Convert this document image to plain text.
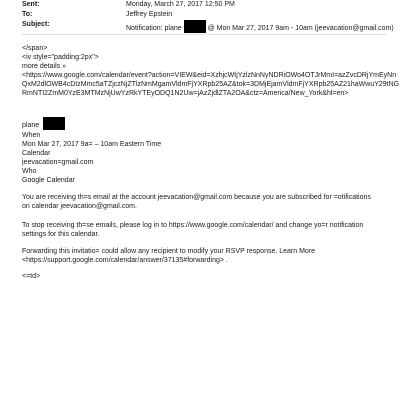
Sent:	Monday, March 27, 2017 12:50 PM
To:	Jeffrey Epstein
Subject:
Notification: plane	@ Mon Mar 27, 2017 9am - 10am (jeevacation@gmail.com)
</span>
<iv style="padding:2px">
more details »
<https://www.google.com/calendar/event?action=VIEW&eid=XzhjcWtjYzlzNnNyNDRiOWo4OTJrMmI=azZvcDRjYmEyNn
QxM2dlOWB4cDIzMmc5aTZjczNjZTlzNmMgamVldmFjYXRpb25AZ&tok=3DMjEjamVldmFjYXRpb25AZ21haWwuY29tNG
RmNTI2ZmM0YzE3MTMzNjUwYzRkYTEyODQ1N2Uw=jAzZjdlZTA2OA&ctz=America/New_York&hl=en>
plane
When
Mon Mar 27, 2017 9a= – 10am Eastern Time
Calendar
jeevacation=gmail.com
Who
Google Calendar
You are receiving th=s email at the account jeevacation@gmail.com because you are subscribed for =otifications on calendar jeevacation@gmail.com.
To stop receiving th=se emails, please log in to https://www.google.com/calendar/ and change yo=r notification settings for this calendar.
Forwarding this invitatio= could allow any recipient to modify your RSVP response. Learn More
<https://support.google.com/calendar/answer/37135#forwarding> .
<=td>
